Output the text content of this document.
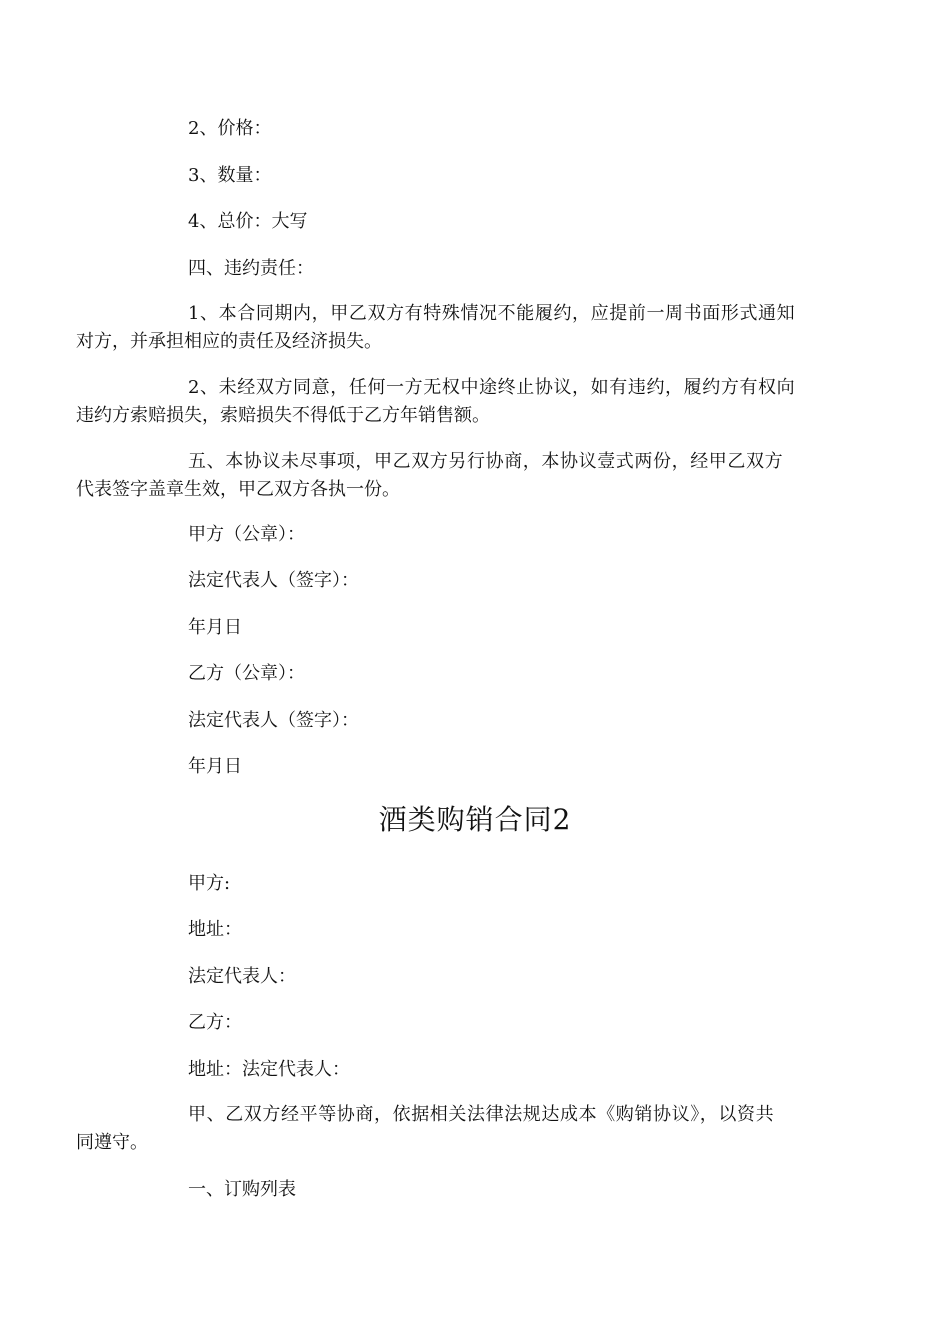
2、价格：
3、数量：
4、总价：大写
四、违约责任：
1、本合同期内，甲乙双方有特殊情况不能履约，应提前一周书面形式通知
对方，并承担相应的责任及经济损失。
2、未经双方同意，任何一方无权中途终止协议，如有违约，履约方有权向
违约方索赔损失，索赔损失不得低于乙方年销售额。
五、本协议未尽事项，甲乙双方另行协商，本协议壹式两份，经甲乙双方
代表签字盖章生效，甲乙双方各执一份。
甲方（公章）：
法定代表人（签字）：
年月日
乙方（公章）：
法定代表人（签字）：
年月日
酒类购销合同2
甲方:
地址：
法定代表人：
乙方：
地址：法定代表人：
甲、乙双方经平等协商，依据相关法律法规达成本《购销协议》，以资共
同遵守。
一、订购列表
